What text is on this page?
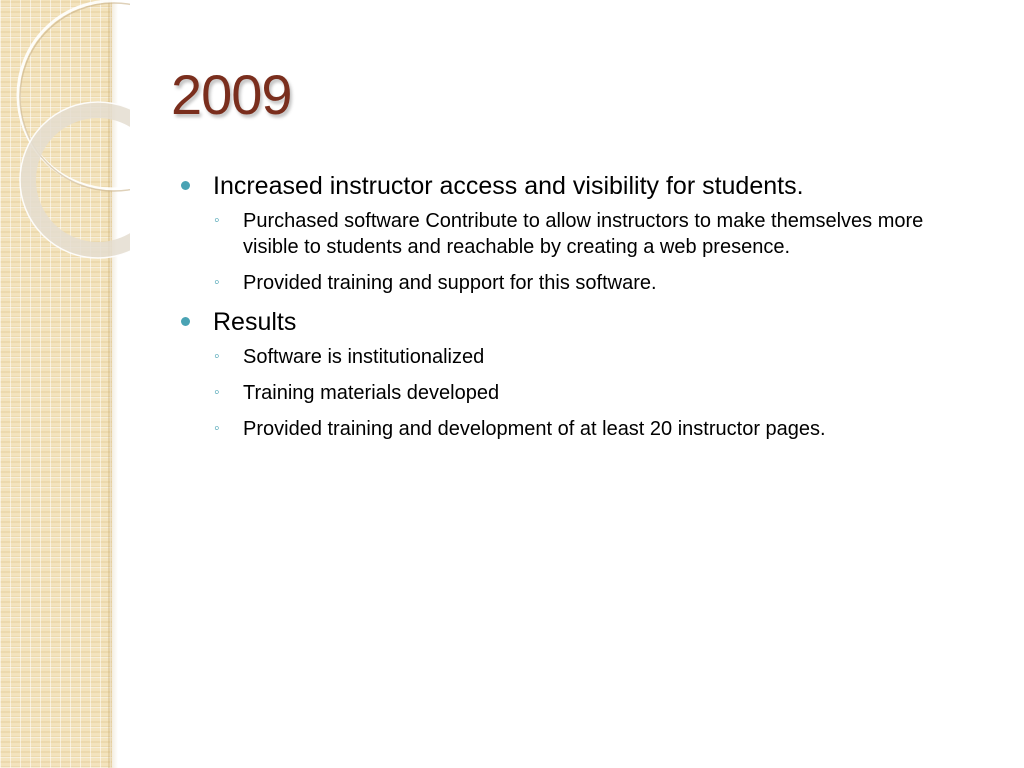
2009
Increased instructor access and visibility for students.
◦ Purchased software Contribute to allow instructors to make themselves more visible to students and reachable by creating a web presence.
◦ Provided training and support for this software.
Results
◦ Software is institutionalized
◦ Training materials developed
◦ Provided training and development of at least 20 instructor pages.
